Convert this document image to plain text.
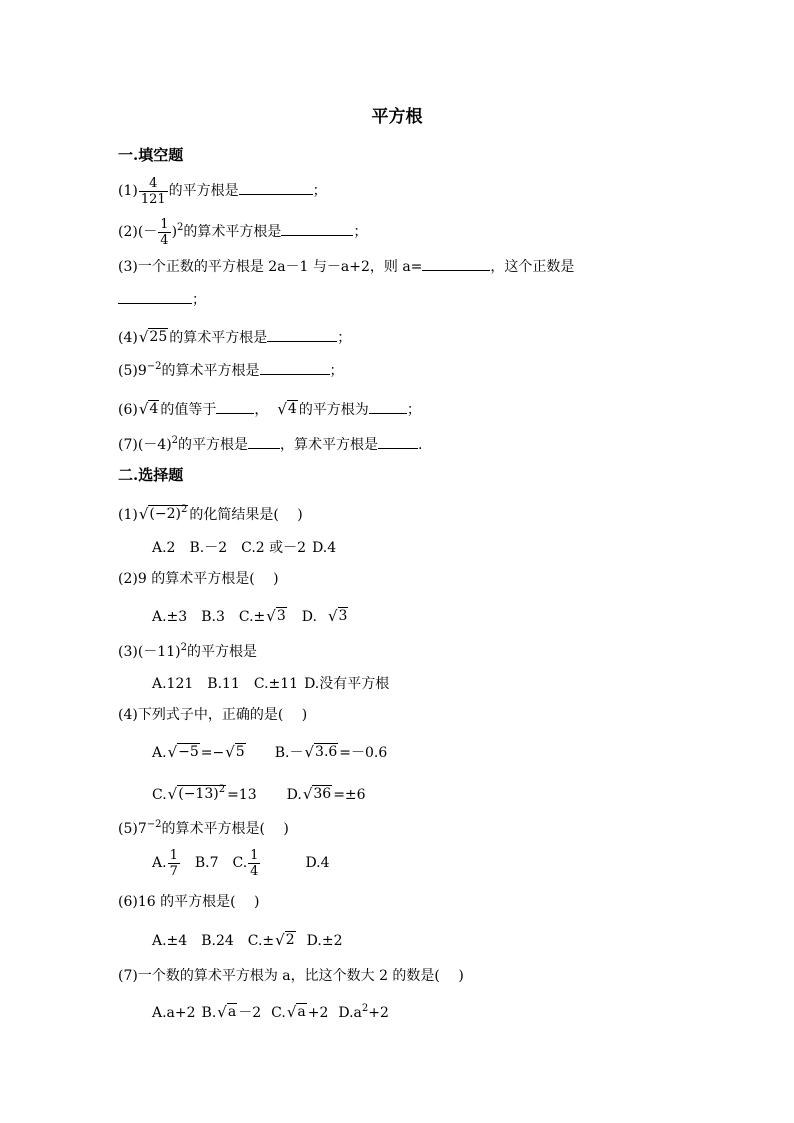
平方根
一.填空题
$(1) \frac{4}{121}$ 的平方根是	；
$(2)(- \frac{1}{4} )^2$的算术平方根是	；
(3)一个正数的平方根是 2a－1 与－a+2，则 a=	，这个正数是
；
(4) √ 25 的算术平方根是	；
$(5)9^{-2}$的算术平方根是	；
(6) √ 4 的值等于	， √ 4 的平方根为	；
$(7)(-4)^2$的平方根是 ，算术平方根是	.
二.选择题
(1) √ $(-2)^2$ 的化简结果是(　 )
A.2 B.－2 C.2 或－2 D.4
(2)9 的算术平方根是(　 )
A.±3 B.3 C.± √ 3 D. √ 3
$(3)(-11)^2$的平方根是
A.121 B.11 C.±11 D.没有平方根
(4)下列式子中，正确的是(　 )
A. √ −5 =− √ 5 B.－ √ 3.6 =－0.6
C. √ $(-13)^2 =13$ D. √ 36 =±6
$(5)7^{-2}$的算术平方根是(　 )
A. $\frac{1}{7} B.7$ C. $\frac{1}{4}$	D.4
(6)16 的平方根是(　 )
A.±4 B.24 C.± √ 2 D.±2
(7)一个数的算术平方根为 a，比这个数大 2 的数是(　 )
A.a+2 B. √ a －2 C. √ a +2 $D.a^2+2$
